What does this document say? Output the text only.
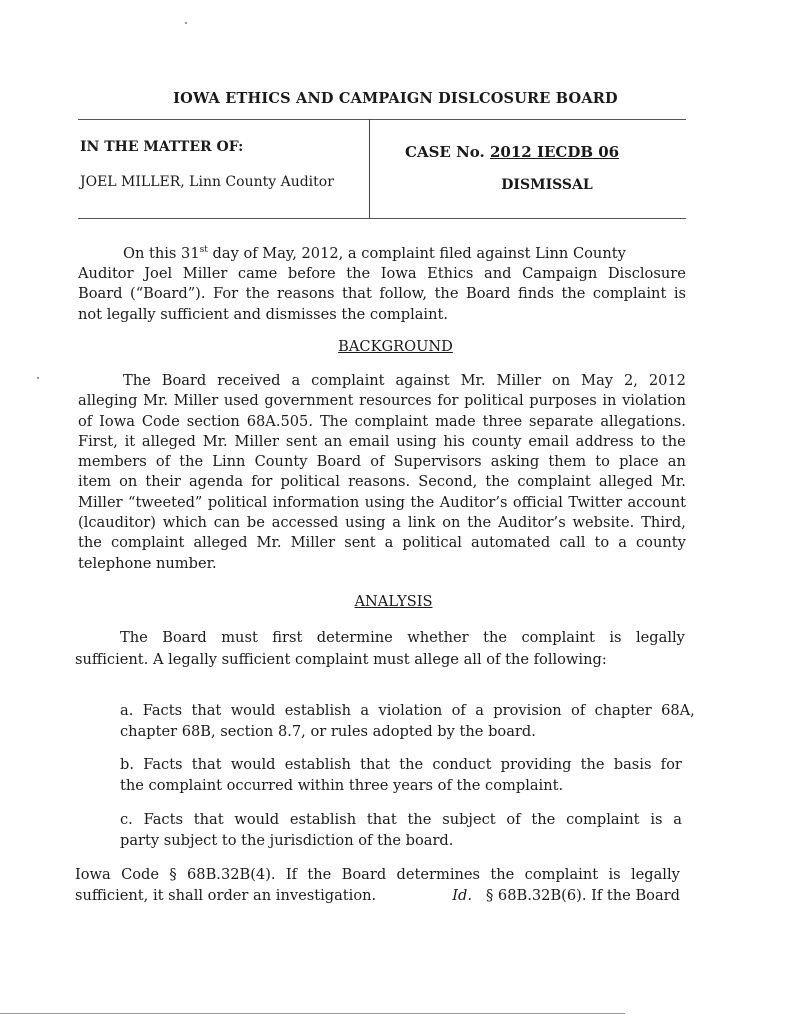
IOWA ETHICS AND CAMPAIGN DISLCOSURE BOARD
IN THE MATTER OF:
JOEL MILLER, Linn County Auditor
CASE No. 2012 IECDB 06
DISMISSAL
On this 31st day of May, 2012, a complaint filed against Linn County
Auditor Joel Miller came before the Iowa Ethics and Campaign Disclosure
Board (“Board”). For the reasons that follow, the Board finds the complaint is
not legally sufficient and dismisses the complaint.
BACKGROUND
The Board received a complaint against Mr. Miller on May 2, 2012
alleging Mr. Miller used government resources for political purposes in violation
of Iowa Code section 68A.505. The complaint made three separate allegations.
First, it alleged Mr. Miller sent an email using his county email address to the
members of the Linn County Board of Supervisors asking them to place an
item on their agenda for political reasons. Second, the complaint alleged Mr.
Miller “tweeted” political information using the Auditor’s official Twitter account
(lcauditor) which can be accessed using a link on the Auditor’s website. Third,
the complaint alleged Mr. Miller sent a political automated call to a county
telephone number.
ANALYSIS
The Board must first determine whether the complaint is legally
sufficient. A legally sufficient complaint must allege all of the following:
a. Facts that would establish a violation of a provision of chapter 68A,
chapter 68B, section 8.7, or rules adopted by the board.
b. Facts that would establish that the conduct providing the basis for
the complaint occurred within three years of the complaint.
c. Facts that would establish that the subject of the complaint is a
party subject to the jurisdiction of the board.
Iowa Code § 68B.32B(4). If the Board determines the complaint is legally
sufficient, it shall order an investigation.	Id. § 68B.32B(6). If the Board
